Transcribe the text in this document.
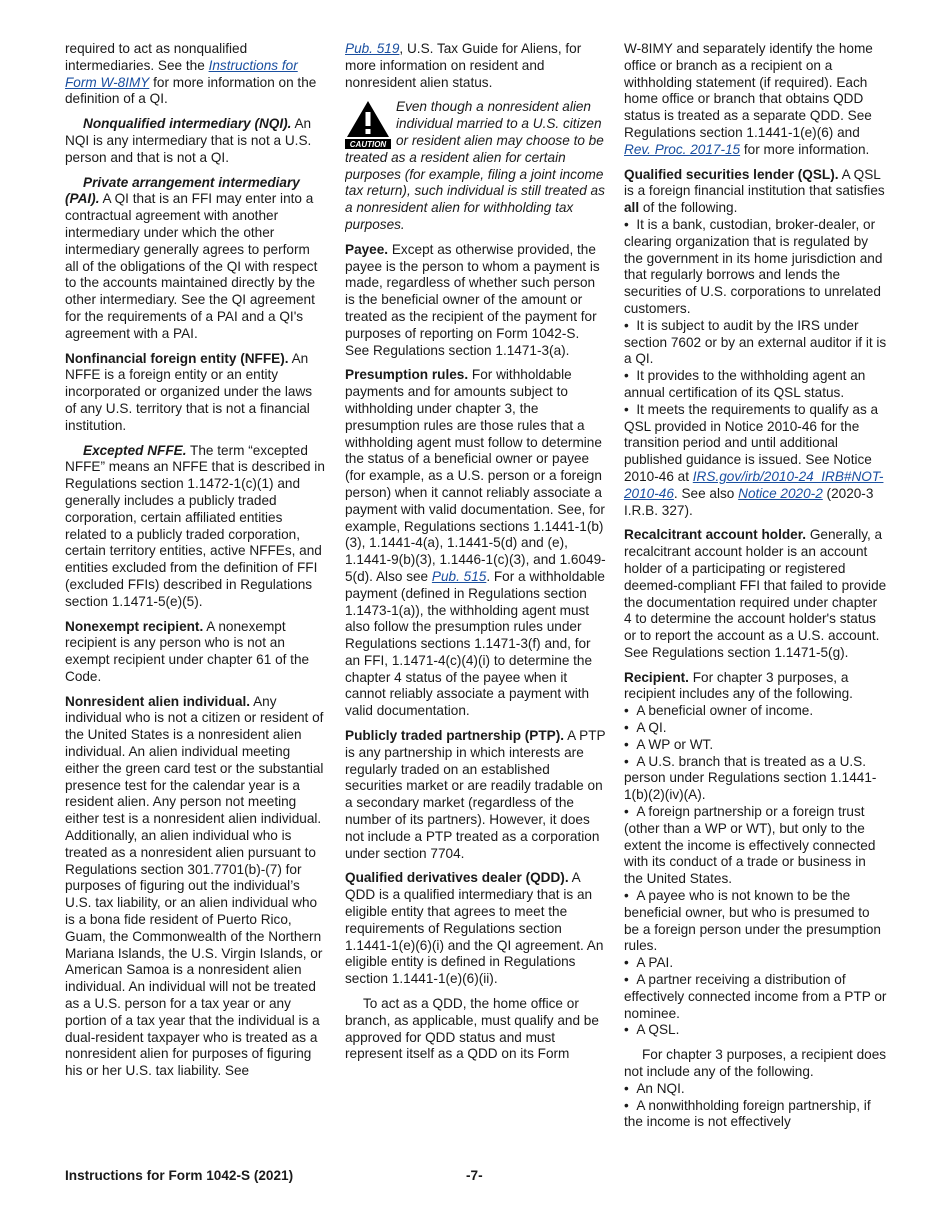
required to act as nonqualified intermediaries. See the Instructions for Form W-8IMY for more information on the definition of a QI.

Nonqualified intermediary (NQI). An NQI is any intermediary that is not a U.S. person and that is not a QI.

Private arrangement intermediary (PAI). A QI that is an FFI may enter into a contractual agreement with another intermediary under which the other intermediary generally agrees to perform all of the obligations of the QI with respect to the accounts maintained directly by the other intermediary. See the QI agreement for the requirements of a PAI and a QI's agreement with a PAI.

Nonfinancial foreign entity (NFFE). An NFFE is a foreign entity or an entity incorporated or organized under the laws of any U.S. territory that is not a financial institution.

Excepted NFFE. The term “excepted NFFE” means an NFFE that is described in Regulations section 1.1472-1(c)(1) and generally includes a publicly traded corporation, certain affiliated entities related to a publicly traded corporation, certain territory entities, active NFFEs, and entities excluded from the definition of FFI (excluded FFIs) described in Regulations section 1.1471-5(e)(5).

Nonexempt recipient. A nonexempt recipient is any person who is not an exempt recipient under chapter 61 of the Code.

Nonresident alien individual. Any individual who is not a citizen or resident of the United States is a nonresident alien individual. An alien individual meeting either the green card test or the substantial presence test for the calendar year is a resident alien. Any person not meeting either test is a nonresident alien individual. Additionally, an alien individual who is treated as a nonresident alien pursuant to Regulations section 301.7701(b)-(7) for purposes of figuring out the individual’s U.S. tax liability, or an alien individual who is a bona fide resident of Puerto Rico, Guam, the Commonwealth of the Northern Mariana Islands, the U.S. Virgin Islands, or American Samoa is a nonresident alien individual. An individual will not be treated as a U.S. person for a tax year or any portion of a tax year that the individual is a dual-resident taxpayer who is treated as a nonresident alien for purposes of figuring his or her U.S. tax liability. See

Pub. 519, U.S. Tax Guide for Aliens, for more information on resident and nonresident alien status.

CAUTION
Even though a nonresident alien individual married to a U.S. citizen or resident alien may choose to be treated as a resident alien for certain purposes (for example, filing a joint income tax return), such individual is still treated as a nonresident alien for withholding tax purposes.

Payee. Except as otherwise provided, the payee is the person to whom a payment is made, regardless of whether such person is the beneficial owner of the amount or treated as the recipient of the payment for purposes of reporting on Form 1042-S. See Regulations section 1.1471-3(a).

Presumption rules. For withholdable payments and for amounts subject to withholding under chapter 3, the presumption rules are those rules that a withholding agent must follow to determine the status of a beneficial owner or payee (for example, as a U.S. person or a foreign person) when it cannot reliably associate a payment with valid documentation. See, for example, Regulations sections 1.1441-1(b)(3), 1.1441-4(a), 1.1441-5(d) and (e), 1.1441-9(b)(3), 1.1446-1(c)(3), and 1.6049-5(d). Also see Pub. 515. For a withholdable payment (defined in Regulations section 1.1473-1(a)), the withholding agent must also follow the presumption rules under Regulations sections 1.1471-3(f) and, for an FFI, 1.1471-4(c)(4)(i) to determine the chapter 4 status of the payee when it cannot reliably associate a payment with valid documentation.

Publicly traded partnership (PTP). A PTP is any partnership in which interests are regularly traded on an established securities market or are readily tradable on a secondary market (regardless of the number of its partners). However, it does not include a PTP treated as a corporation under section 7704.

Qualified derivatives dealer (QDD). A QDD is a qualified intermediary that is an eligible entity that agrees to meet the requirements of Regulations section 1.1441-1(e)(6)(i) and the QI agreement. An eligible entity is defined in Regulations section 1.1441-1(e)(6)(ii).

To act as a QDD, the home office or branch, as applicable, must qualify and be approved for QDD status and must represent itself as a QDD on its Form

W-8IMY and separately identify the home office or branch as a recipient on a withholding statement (if required). Each home office or branch that obtains QDD status is treated as a separate QDD. See Regulations section 1.1441-1(e)(6) and Rev. Proc. 2017-15 for more information.

Qualified securities lender (QSL). A QSL is a foreign financial institution that satisfies all of the following.

•  It is a bank, custodian, broker-dealer, or clearing organization that is regulated by the government in its home jurisdiction and that regularly borrows and lends the securities of U.S. corporations to unrelated customers.

•  It is subject to audit by the IRS under section 7602 or by an external auditor if it is a QI.

•  It provides to the withholding agent an annual certification of its QSL status.

•  It meets the requirements to qualify as a QSL provided in Notice 2010-46 for the transition period and until additional published guidance is issued. See Notice 2010-46 at IRS.gov/irb/2010-24_IRB#NOT-2010-46. See also Notice 2020-2 (2020-3 I.R.B. 327).

Recalcitrant account holder. Generally, a recalcitrant account holder is an account holder of a participating or registered deemed-compliant FFI that failed to provide the documentation required under chapter 4 to determine the account holder's status or to report the account as a U.S. account. See Regulations section 1.1471-5(g).

Recipient. For chapter 3 purposes, a recipient includes any of the following.

•  A beneficial owner of income.

•  A QI.

•  A WP or WT.

•  A U.S. branch that is treated as a U.S. person under Regulations section 1.1441-1(b)(2)(iv)(A).

•  A foreign partnership or a foreign trust (other than a WP or WT), but only to the extent the income is effectively connected with its conduct of a trade or business in the United States.

•  A payee who is not known to be the beneficial owner, but who is presumed to be a foreign person under the presumption rules.

•  A PAI.

•  A partner receiving a distribution of effectively connected income from a PTP or nominee.

•  A QSL.

For chapter 3 purposes, a recipient does not include any of the following.

•  An NQI.

•  A nonwithholding foreign partnership, if the income is not effectively

Instructions for Form 1042-S (2021)	-7-
